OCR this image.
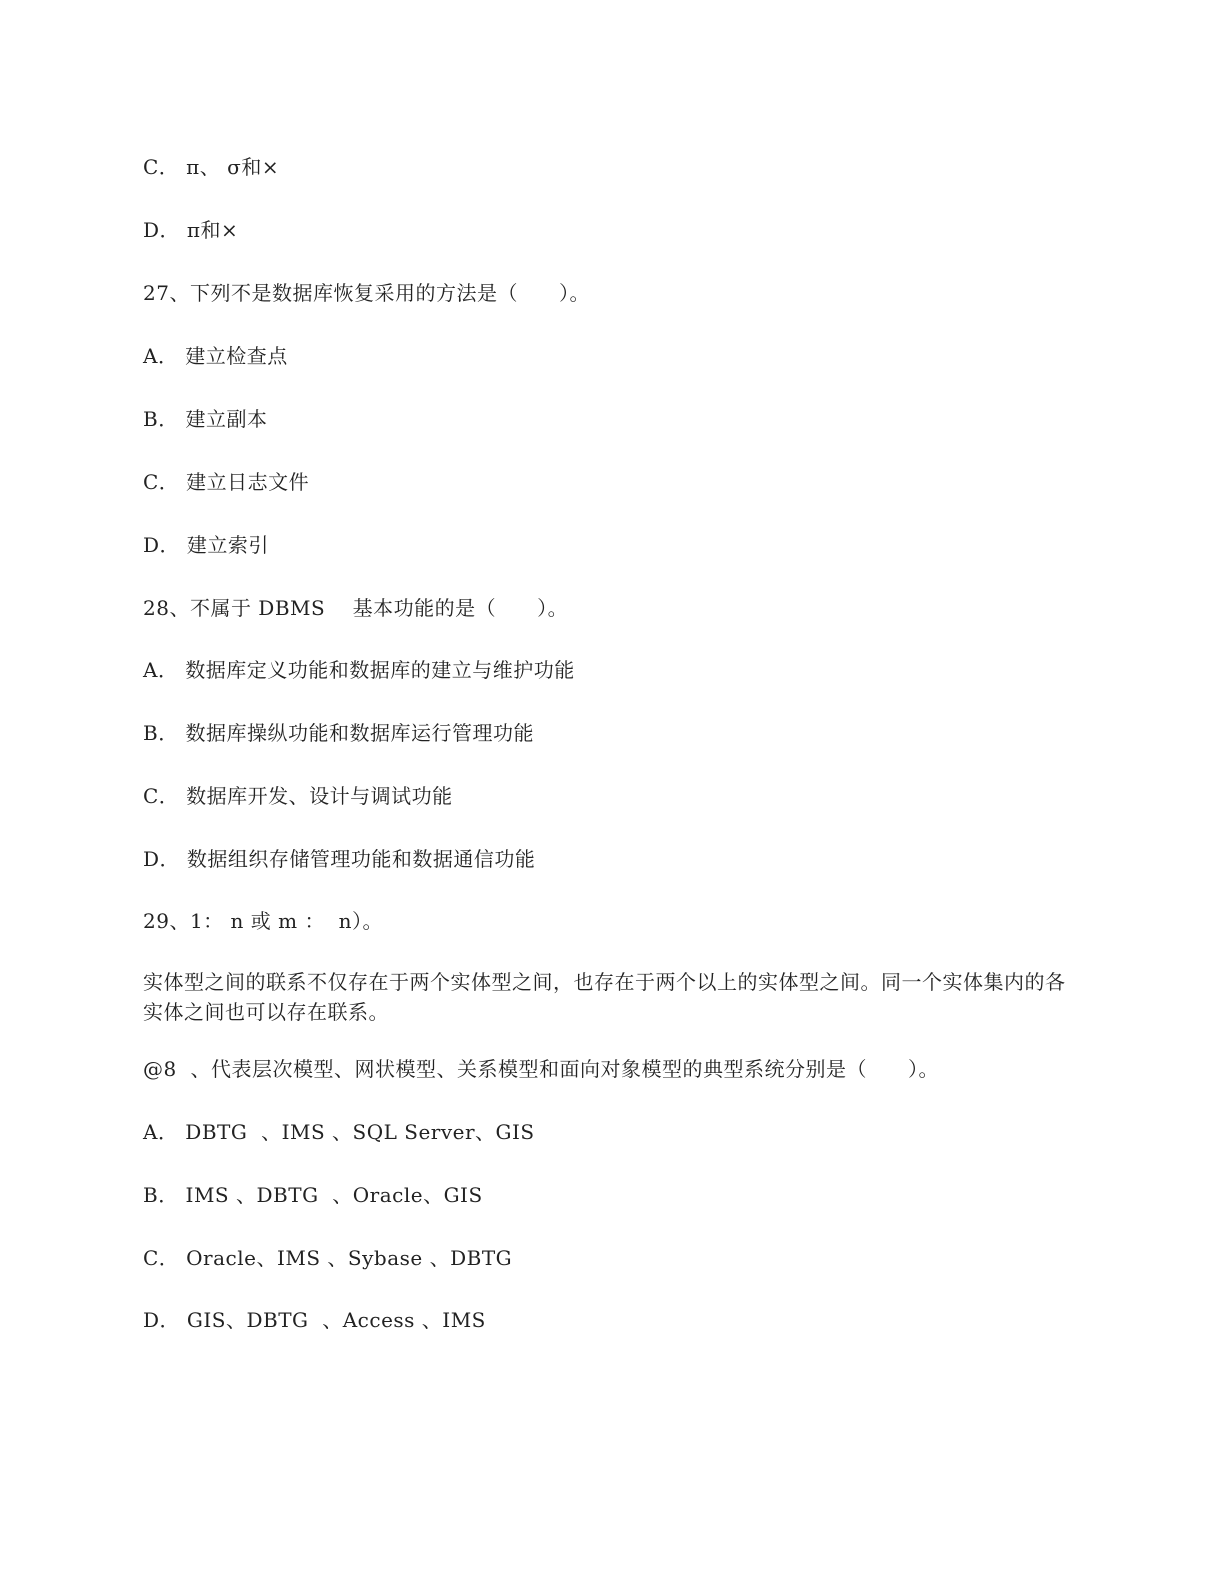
C． π、 σ和×
D． π和×
27、下列不是数据库恢复采用的方法是（　　）。
A． 建立检查点
B． 建立副本
C． 建立日志文件
D． 建立索引
28、不属于 DBMS　 基本功能的是（　　）。
A． 数据库定义功能和数据库的建立与维护功能
B． 数据库操纵功能和数据库运行管理功能
C． 数据库开发、设计与调试功能
D． 数据组织存储管理功能和数据通信功能
29、1： n 或 m ：  n）。
实体型之间的联系不仅存在于两个实体型之间，也存在于两个以上的实体型之间。同一个实体集内的各实体之间也可以存在联系。
@8  、代表层次模型、网状模型、关系模型和面向对象模型的典型系统分别是（　　）。
A． DBTG  、IMS 、SQL Server、GIS
B． IMS 、DBTG  、Oracle、GIS
C． Oracle、IMS 、Sybase 、DBTG
D． GIS、DBTG  、Access 、IMS
